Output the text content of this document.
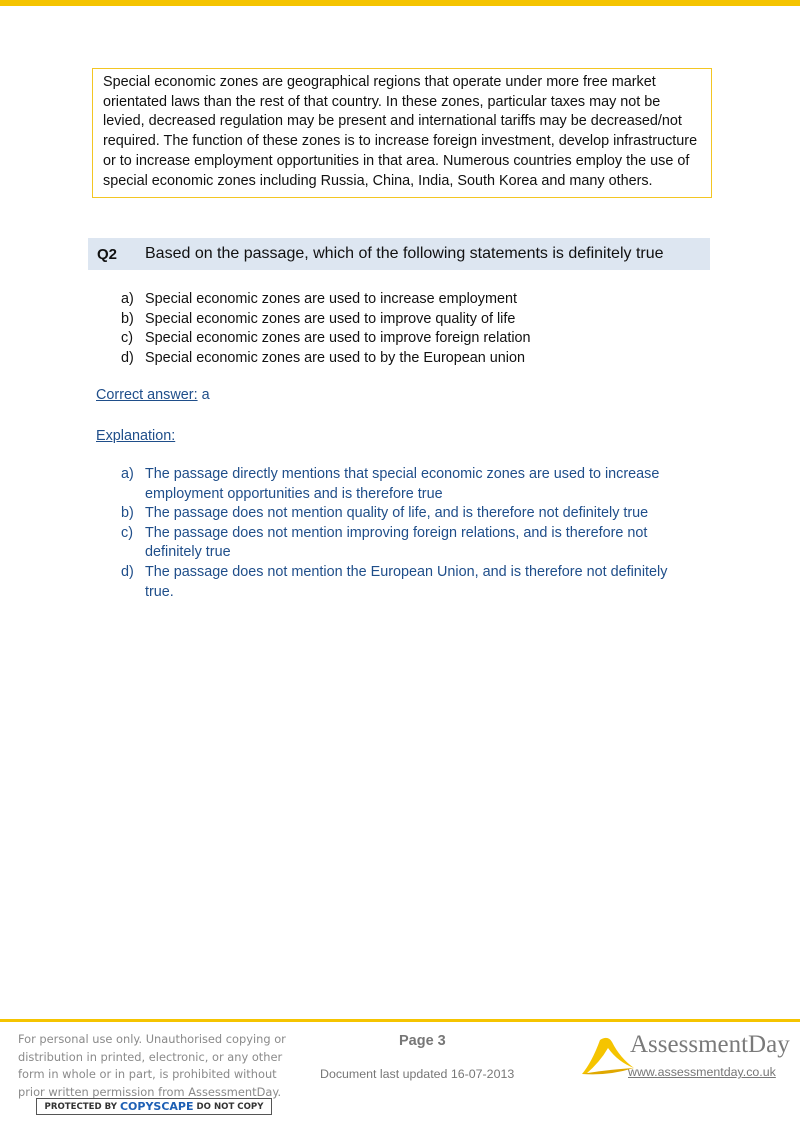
Special economic zones are geographical regions that operate under more free market orientated laws than the rest of that country. In these zones, particular taxes may not be levied, decreased regulation may be present and international tariffs may be decreased/not required. The function of these zones is to increase foreign investment, develop infrastructure or to increase employment opportunities in that area. Numerous countries employ the use of special economic zones including Russia, China, India, South Korea and many others.
Q2	Based on the passage, which of the following statements is definitely true
a) Special economic zones are used to increase employment
b) Special economic zones are used to improve quality of life
c) Special economic zones are used to improve foreign relation
d) Special economic zones are used to by the European union
Correct answer: a
Explanation:
a) The passage directly mentions that special economic zones are used to increase employment opportunities and is therefore true
b) The passage does not mention quality of life, and is therefore not definitely true
c) The passage does not mention improving foreign relations, and is therefore not definitely true
d) The passage does not mention the European Union, and is therefore not definitely true.
For personal use only. Unauthorised copying or distribution in printed, electronic, or any other form in whole or in part, is prohibited without prior written permission from AssessmentDay.
PROTECTED BY COPYSCAPE DO NOT COPY
Page 3
Document last updated 16-07-2013
AssessmentDay
www.assessmentday.co.uk
